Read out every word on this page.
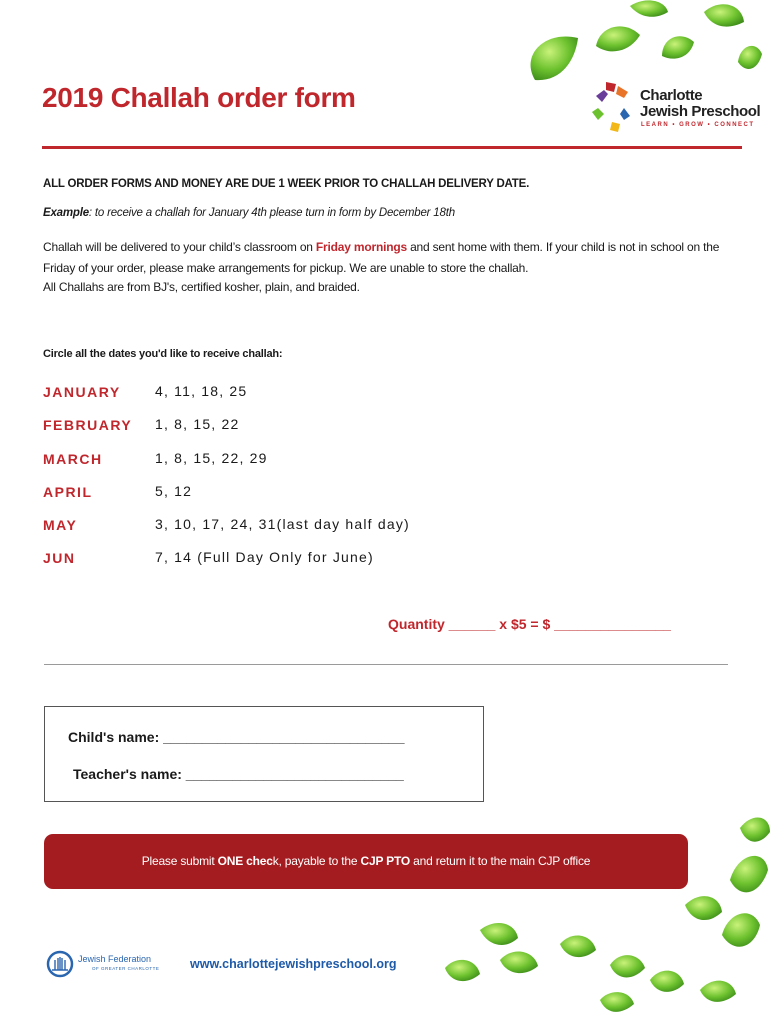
2019 Challah order form	Charlotte
Jewish Preschool
LEARN • GROW • CONNECT
ALL ORDER FORMS AND MONEY ARE DUE 1 WEEK PRIOR TO CHALLAH DELIVERY DATE.
Example: to receive a challah for January 4th please turn in form by December 18th
Challah will be delivered to your child’s classroom on Friday mornings and sent home with them. If your child is not in school on the Friday of your order, please make arrangements for pickup. We are unable to store the challah.
All Challahs are from BJ's, certified kosher, plain, and braided.
Circle all the dates you'd like to receive challah:
JANUARY 4, 11, 18, 25
FEBRUARY 1, 8, 15, 22
MARCH	1, 8, 15, 22, 29
APRIL	5, 12
MAY	3, 10, 17, 24, 31(last day half day)
JUN	7, 14 (Full Day Only for June)
Quantity ______ x $5 = $ _______________
Child's name: _______________________________
Teacher's name: ____________________________
Please submit ONE check, payable to the CJP PTO and return it to the main CJP office
Jewish Federation
OF GREATER CHARLOTTE www.charlottejewishpreschool.org
